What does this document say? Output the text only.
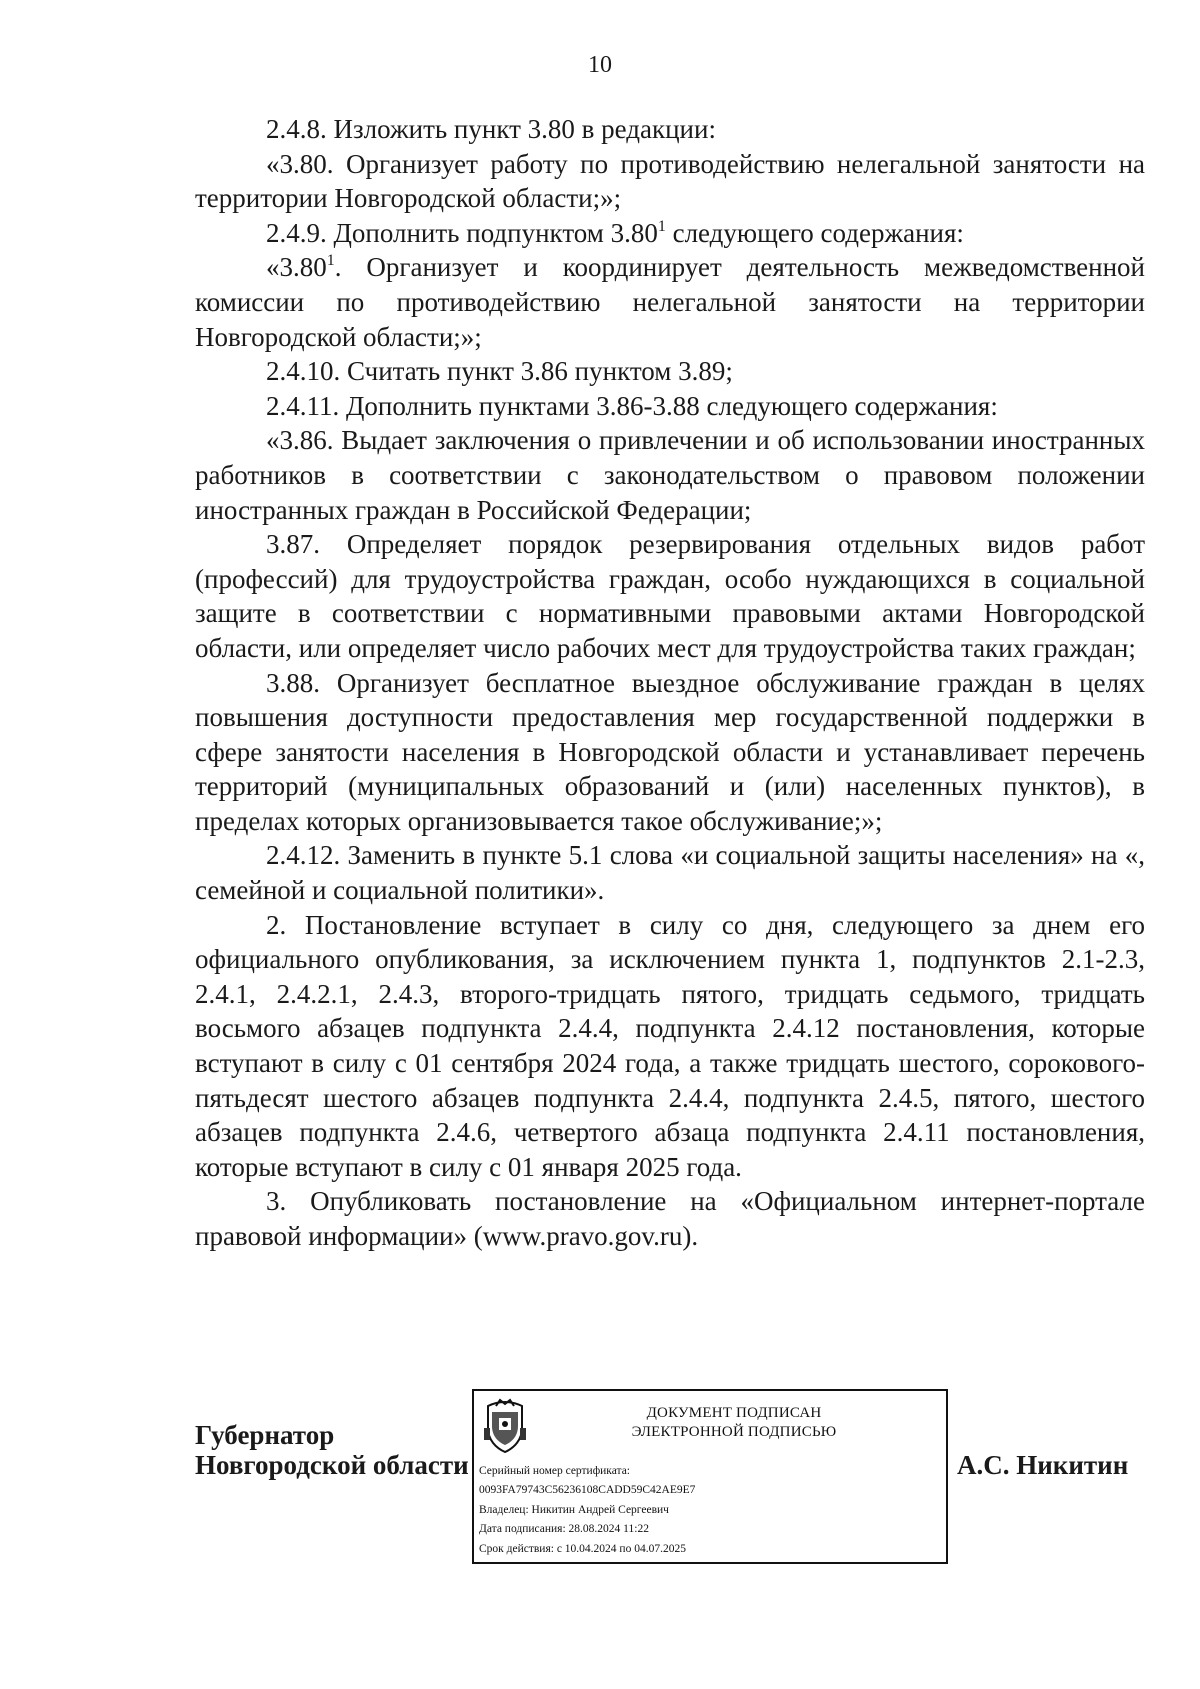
10

2.4.8. Изложить пункт 3.80 в редакции:

«3.80. Организует работу по противодействию нелегальной занятости на территории Новгородской области;»;

2.4.9. Дополнить подпунктом 3.80$^1$ следующего содержания:

«3.80$^1$. Организует и координирует деятельность межведомственной комиссии по противодействию нелегальной занятости на территории Новгородской области;»;

2.4.10. Считать пункт 3.86 пунктом 3.89;

2.4.11. Дополнить пунктами 3.86-3.88 следующего содержания:

«3.86. Выдает заключения о привлечении и об использовании иностранных работников в соответствии с законодательством о правовом положении иностранных граждан в Российской Федерации;

3.87. Определяет порядок резервирования отдельных видов работ (профессий) для трудоустройства граждан, особо нуждающихся в социальной защите в соответствии с нормативными правовыми актами Новгородской области, или определяет число рабочих мест для трудоустройства таких граждан;

3.88. Организует бесплатное выездное обслуживание граждан в целях повышения доступности предоставления мер государственной поддержки в сфере занятости населения в Новгородской области и устанавливает перечень территорий (муниципальных образований и (или) населенных пунктов), в пределах которых организовывается такое обслуживание;»;

2.4.12. Заменить в пункте 5.1 слова «и социальной защиты населения» на «, семейной и социальной политики».

2. Постановление вступает в силу со дня, следующего за днем его официального опубликования, за исключением пункта 1, подпунктов 2.1-2.3, 2.4.1, 2.4.2.1, 2.4.3, второго-тридцать пятого, тридцать седьмого, тридцать восьмого абзацев подпункта 2.4.4, подпункта 2.4.12 постановления, которые вступают в силу с 01 сентября 2024 года, а также тридцать шестого, сорокового-пятьдесят шестого абзацев подпункта 2.4.4, подпункта 2.4.5, пятого, шестого абзацев подпункта 2.4.6, четвертого абзаца подпункта 2.4.11 постановления, которые вступают в силу с 01 января 2025 года.

3. Опубликовать постановление на «Официальном интернет-портале правовой информации» (www.pravo.gov.ru).

Губернатор
Новгородской области
ДОКУМЕНТ ПОДПИСАН
ЭЛЕКТРОННОЙ ПОДПИСЬЮ
Серийный номер сертификата:
0093FA79743C56236108CADD59C42AE9E7
Владелец: Никитин Андрей Сергеевич
Дата подписания: 28.08.2024 11:22
Срок действия: с 10.04.2024 по 04.07.2025
А.С. Никитин
